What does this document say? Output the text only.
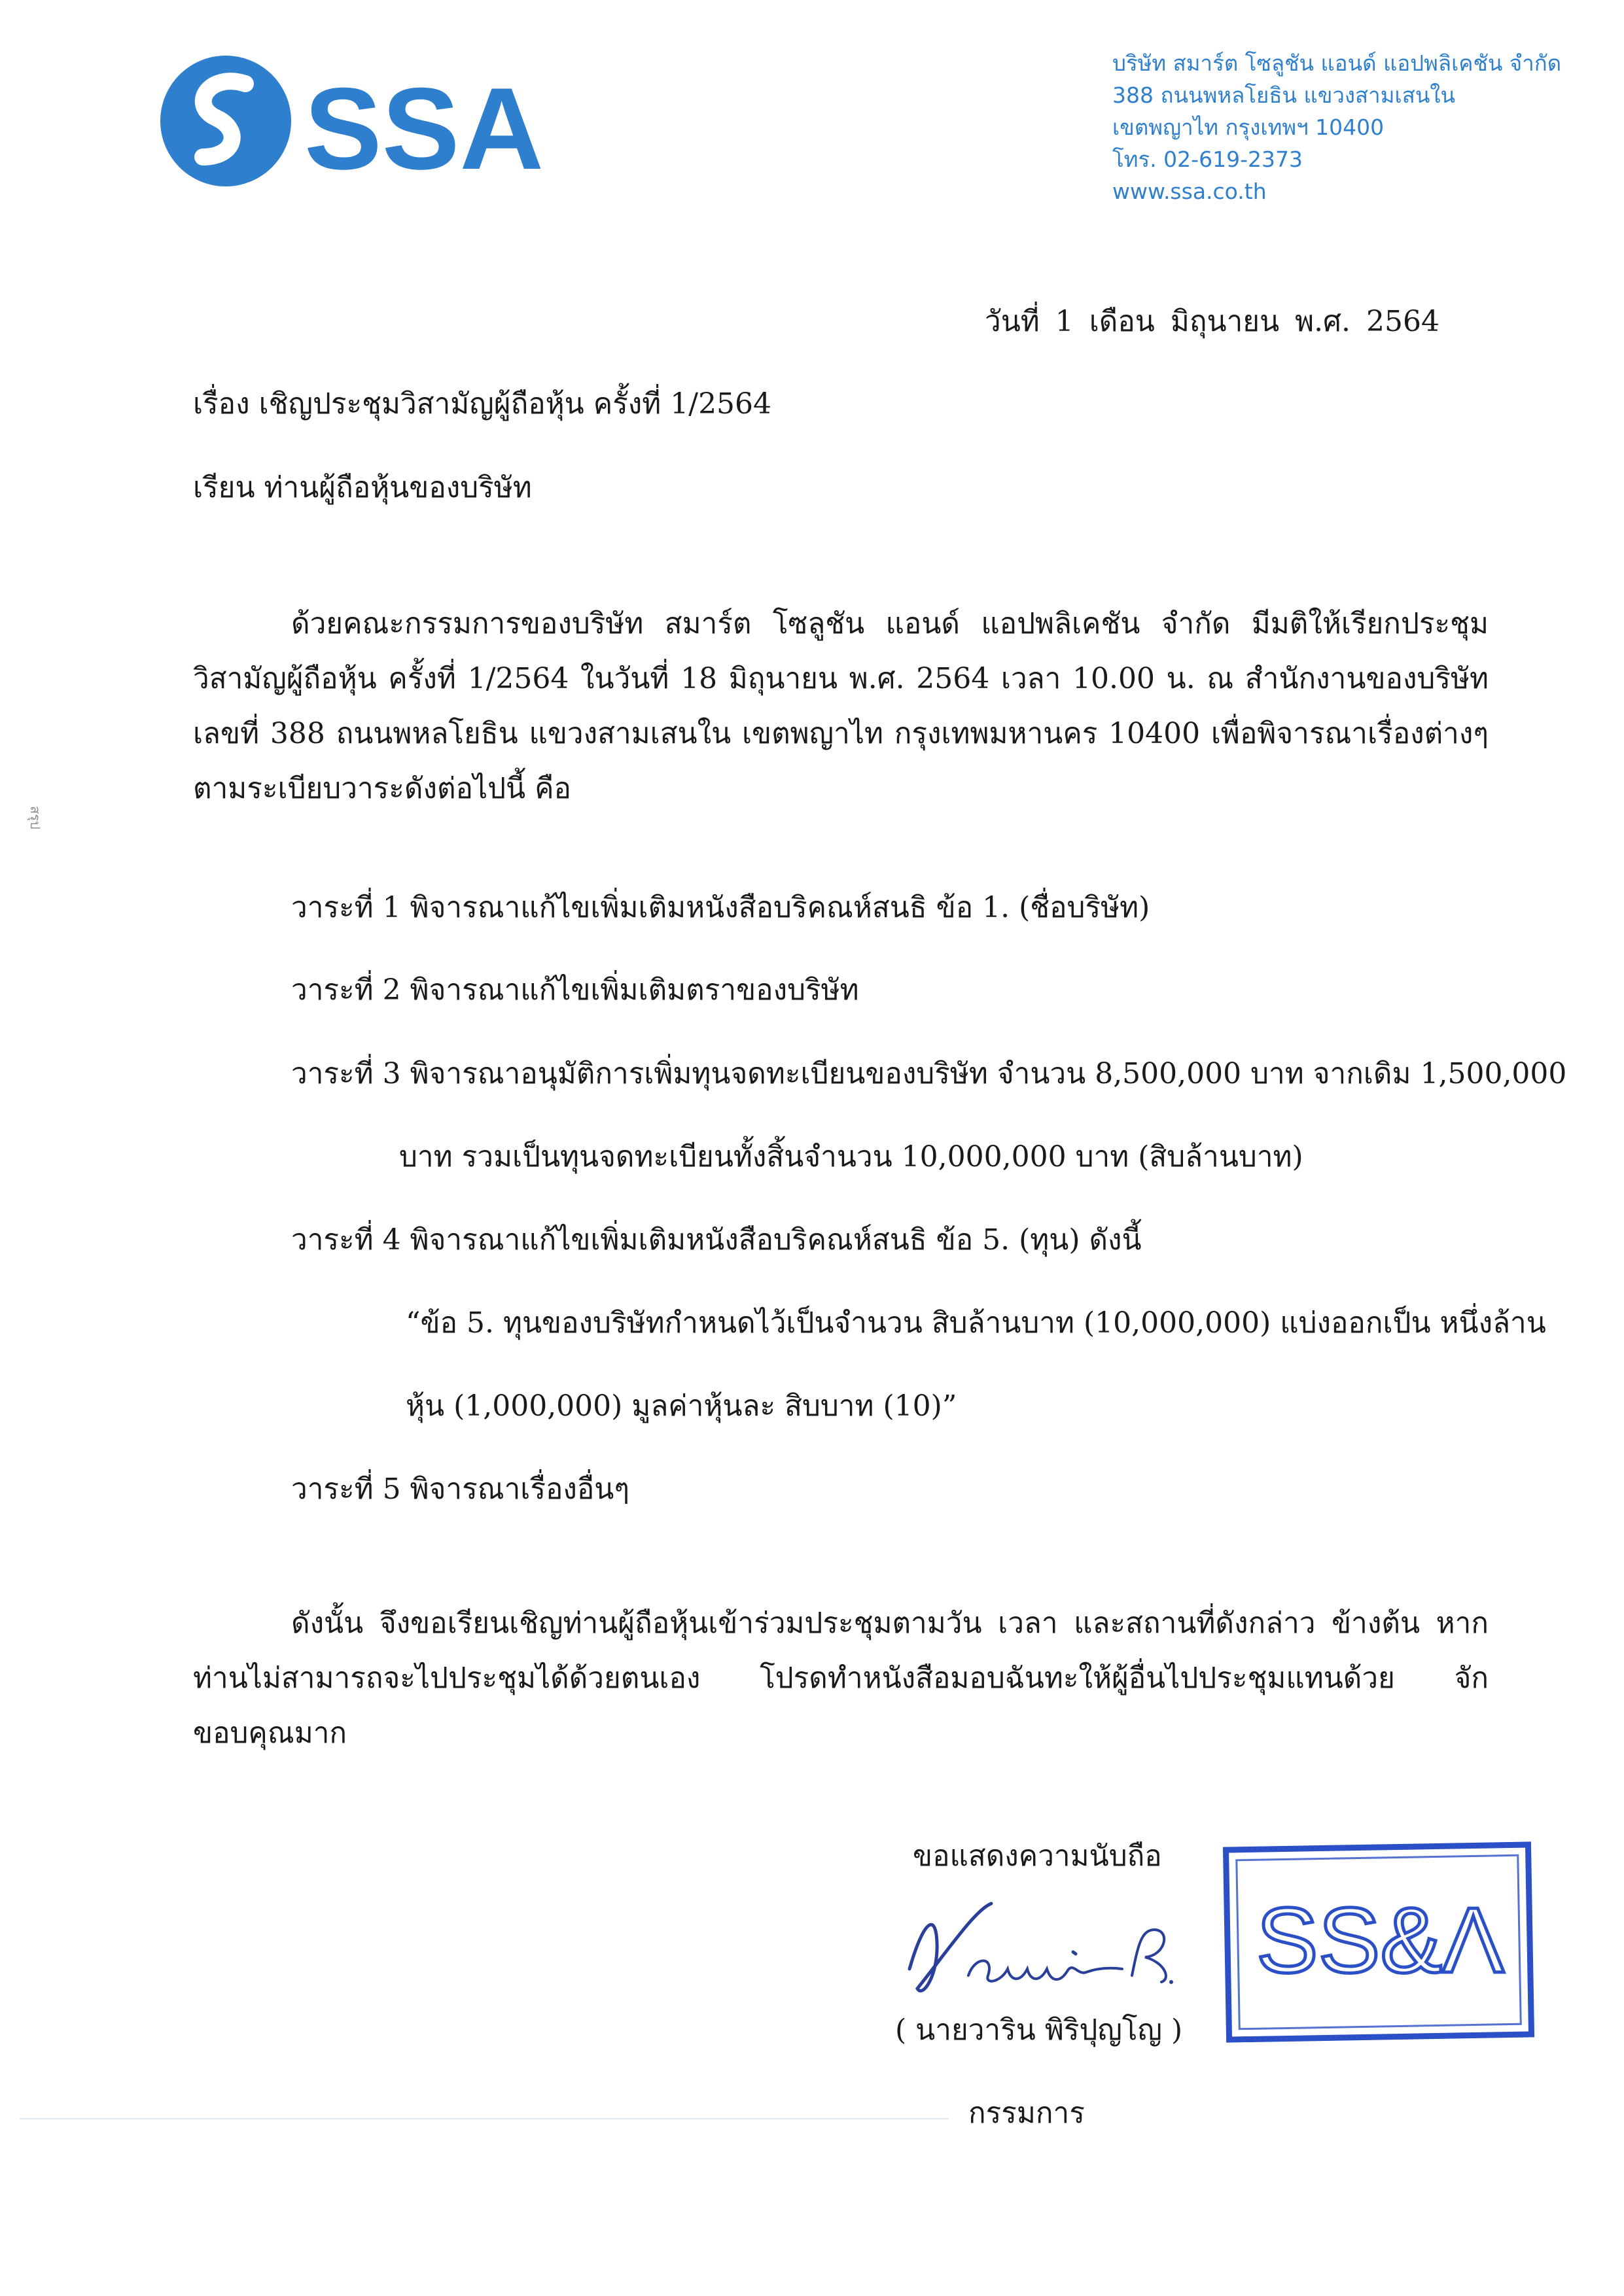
SSA
บริษัท สมาร์ต โซลูชัน แอนด์ แอปพลิเคชัน จำกัด
388 ถนนพหลโยธิน แขวงสามเสนใน
เขตพญาไท กรุงเทพฯ 10400
โทร. 02-619-2373
www.ssa.co.th
วันที่ 1 เดือน มิถุนายน พ.ศ. 2564
เรื่อง เชิญประชุมวิสามัญผู้ถือหุ้น ครั้งที่ 1/2564
เรียน ท่านผู้ถือหุ้นของบริษัท
ด้วยคณะกรรมการของบริษัท สมาร์ต โซลูชัน แอนด์ แอปพลิเคชัน จำกัด มีมติให้เรียกประชุมวิสามัญผู้ถือหุ้น ครั้งที่ 1/2564 ในวันที่ 18 มิถุนายน พ.ศ. 2564 เวลา 10.00 น. ณ สำนักงานของบริษัท เลขที่ 388 ถนนพหลโยธิน แขวงสามเสนใน เขตพญาไท กรุงเทพมหานคร 10400 เพื่อพิจารณาเรื่องต่างๆ ตามระเบียบวาระดังต่อไปนี้ คือ
วาระที่ 1 พิจารณาแก้ไขเพิ่มเติมหนังสือบริคณห์สนธิ ข้อ 1. (ชื่อบริษัท)
วาระที่ 2 พิจารณาแก้ไขเพิ่มเติมตราของบริษัท
วาระที่ 3 พิจารณาอนุมัติการเพิ่มทุนจดทะเบียนของบริษัท จำนวน 8,500,000 บาท จากเดิม 1,500,000
บาท รวมเป็นทุนจดทะเบียนทั้งสิ้นจำนวน 10,000,000 บาท (สิบล้านบาท)
วาระที่ 4 พิจารณาแก้ไขเพิ่มเติมหนังสือบริคณห์สนธิ ข้อ 5. (ทุน) ดังนี้
“ข้อ 5. ทุนของบริษัทกำหนดไว้เป็นจำนวน สิบล้านบาท (10,000,000) แบ่งออกเป็น หนึ่งล้าน
หุ้น (1,000,000) มูลค่าหุ้นละ สิบบาท (10)”
วาระที่ 5 พิจารณาเรื่องอื่นๆ
ดังนั้น จึงขอเรียนเชิญท่านผู้ถือหุ้นเข้าร่วมประชุมตามวัน เวลา และสถานที่ดังกล่าว ข้างต้น หากท่านไม่สามารถจะไปประชุมได้ด้วยตนเอง โปรดทำหนังสือมอบฉันทะให้ผู้อื่นไปประชุมแทนด้วย จักขอบคุณมาก
ขอแสดงความนับถือ
( นายวาริน พิริปุญโญ )
กรรมการ
SS&Λ
สรุป
